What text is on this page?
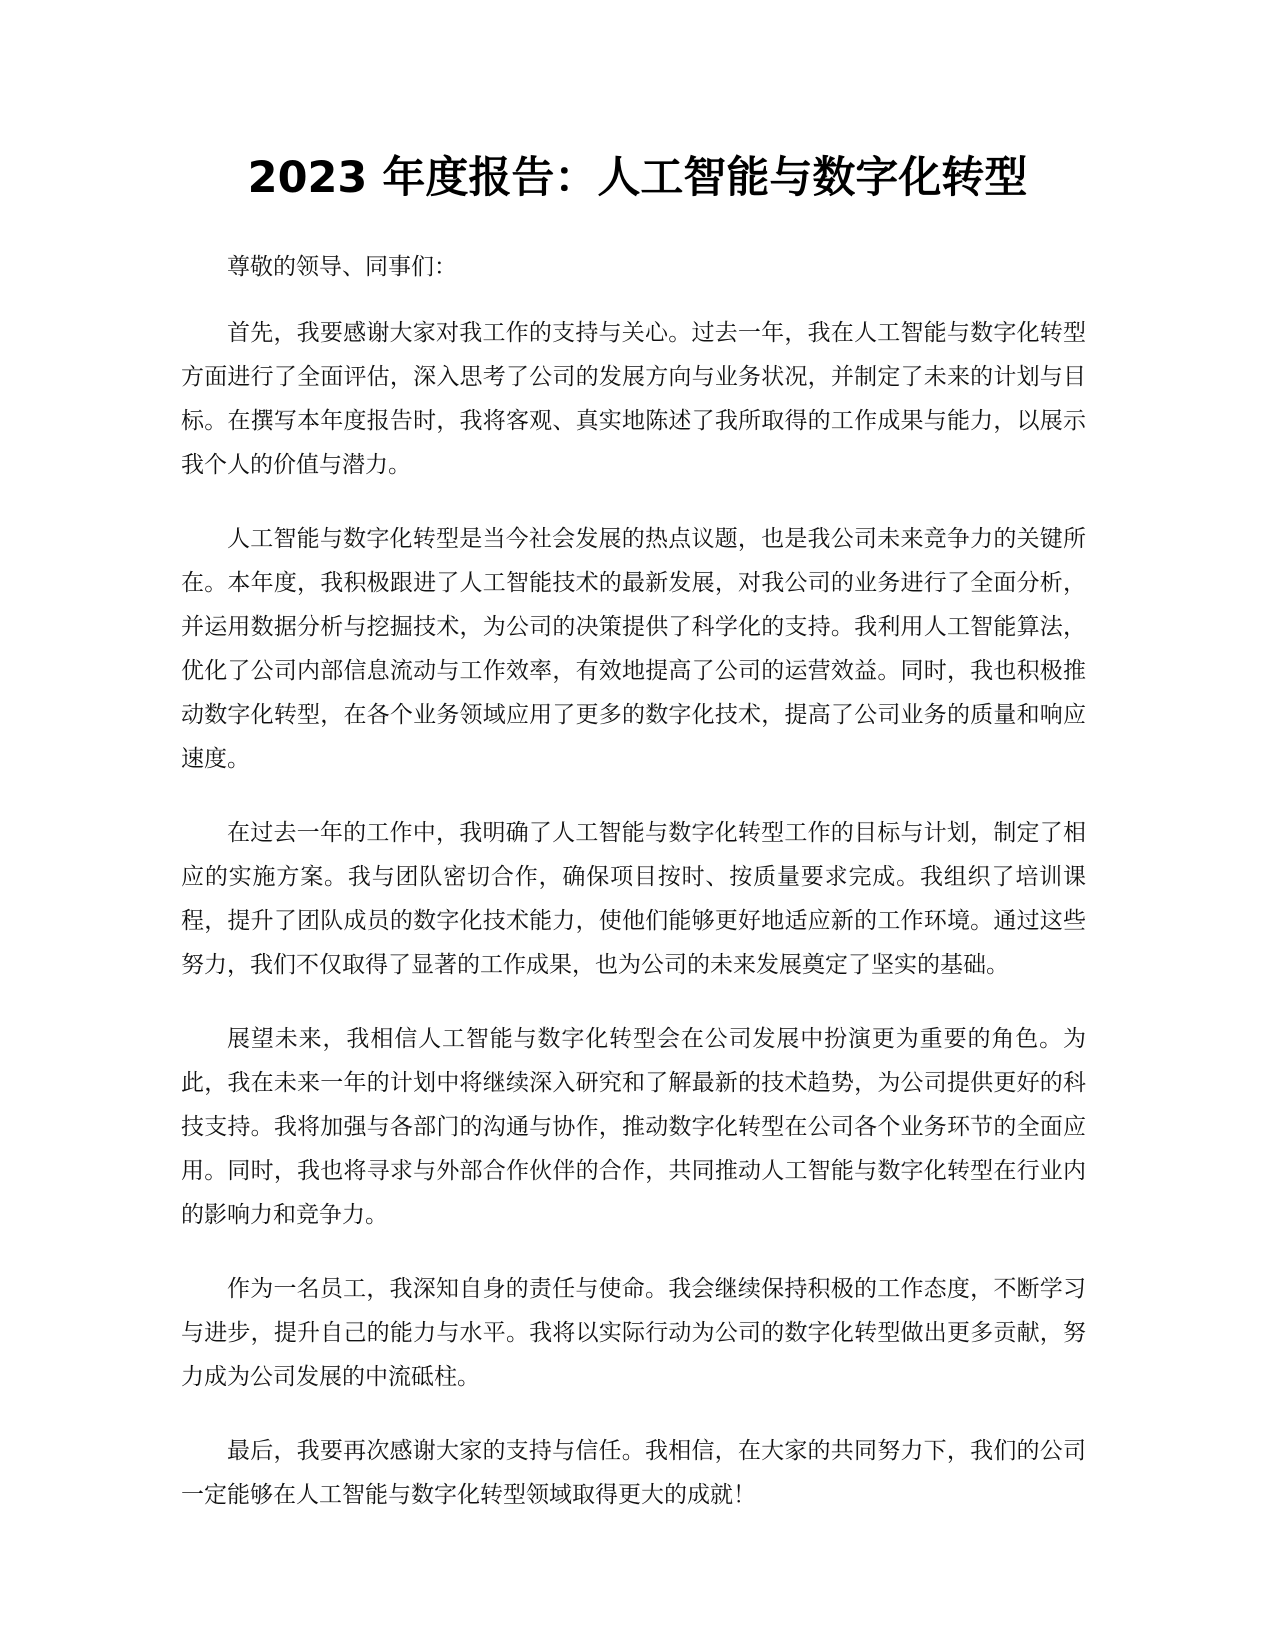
2023 年度报告：人工智能与数字化转型

尊敬的领导、同事们：

首先，我要感谢大家对我工作的支持与关心。过去一年，我在人工智能与数字化转型方面进行了全面评估，深入思考了公司的发展方向与业务状况，并制定了未来的计划与目标。在撰写本年度报告时，我将客观、真实地陈述了我所取得的工作成果与能力，以展示我个人的价值与潜力。

人工智能与数字化转型是当今社会发展的热点议题，也是我公司未来竞争力的关键所在。本年度，我积极跟进了人工智能技术的最新发展，对我公司的业务进行了全面分析，并运用数据分析与挖掘技术，为公司的决策提供了科学化的支持。我利用人工智能算法，优化了公司内部信息流动与工作效率，有效地提高了公司的运营效益。同时，我也积极推动数字化转型，在各个业务领域应用了更多的数字化技术，提高了公司业务的质量和响应速度。

在过去一年的工作中，我明确了人工智能与数字化转型工作的目标与计划，制定了相应的实施方案。我与团队密切合作，确保项目按时、按质量要求完成。我组织了培训课程，提升了团队成员的数字化技术能力，使他们能够更好地适应新的工作环境。通过这些努力，我们不仅取得了显著的工作成果，也为公司的未来发展奠定了坚实的基础。

展望未来，我相信人工智能与数字化转型会在公司发展中扮演更为重要的角色。为此，我在未来一年的计划中将继续深入研究和了解最新的技术趋势，为公司提供更好的科技支持。我将加强与各部门的沟通与协作，推动数字化转型在公司各个业务环节的全面应用。同时，我也将寻求与外部合作伙伴的合作，共同推动人工智能与数字化转型在行业内的影响力和竞争力。

作为一名员工，我深知自身的责任与使命。我会继续保持积极的工作态度，不断学习与进步，提升自己的能力与水平。我将以实际行动为公司的数字化转型做出更多贡献，努力成为公司发展的中流砥柱。

最后，我要再次感谢大家的支持与信任。我相信，在大家的共同努力下，我们的公司一定能够在人工智能与数字化转型领域取得更大的成就！
